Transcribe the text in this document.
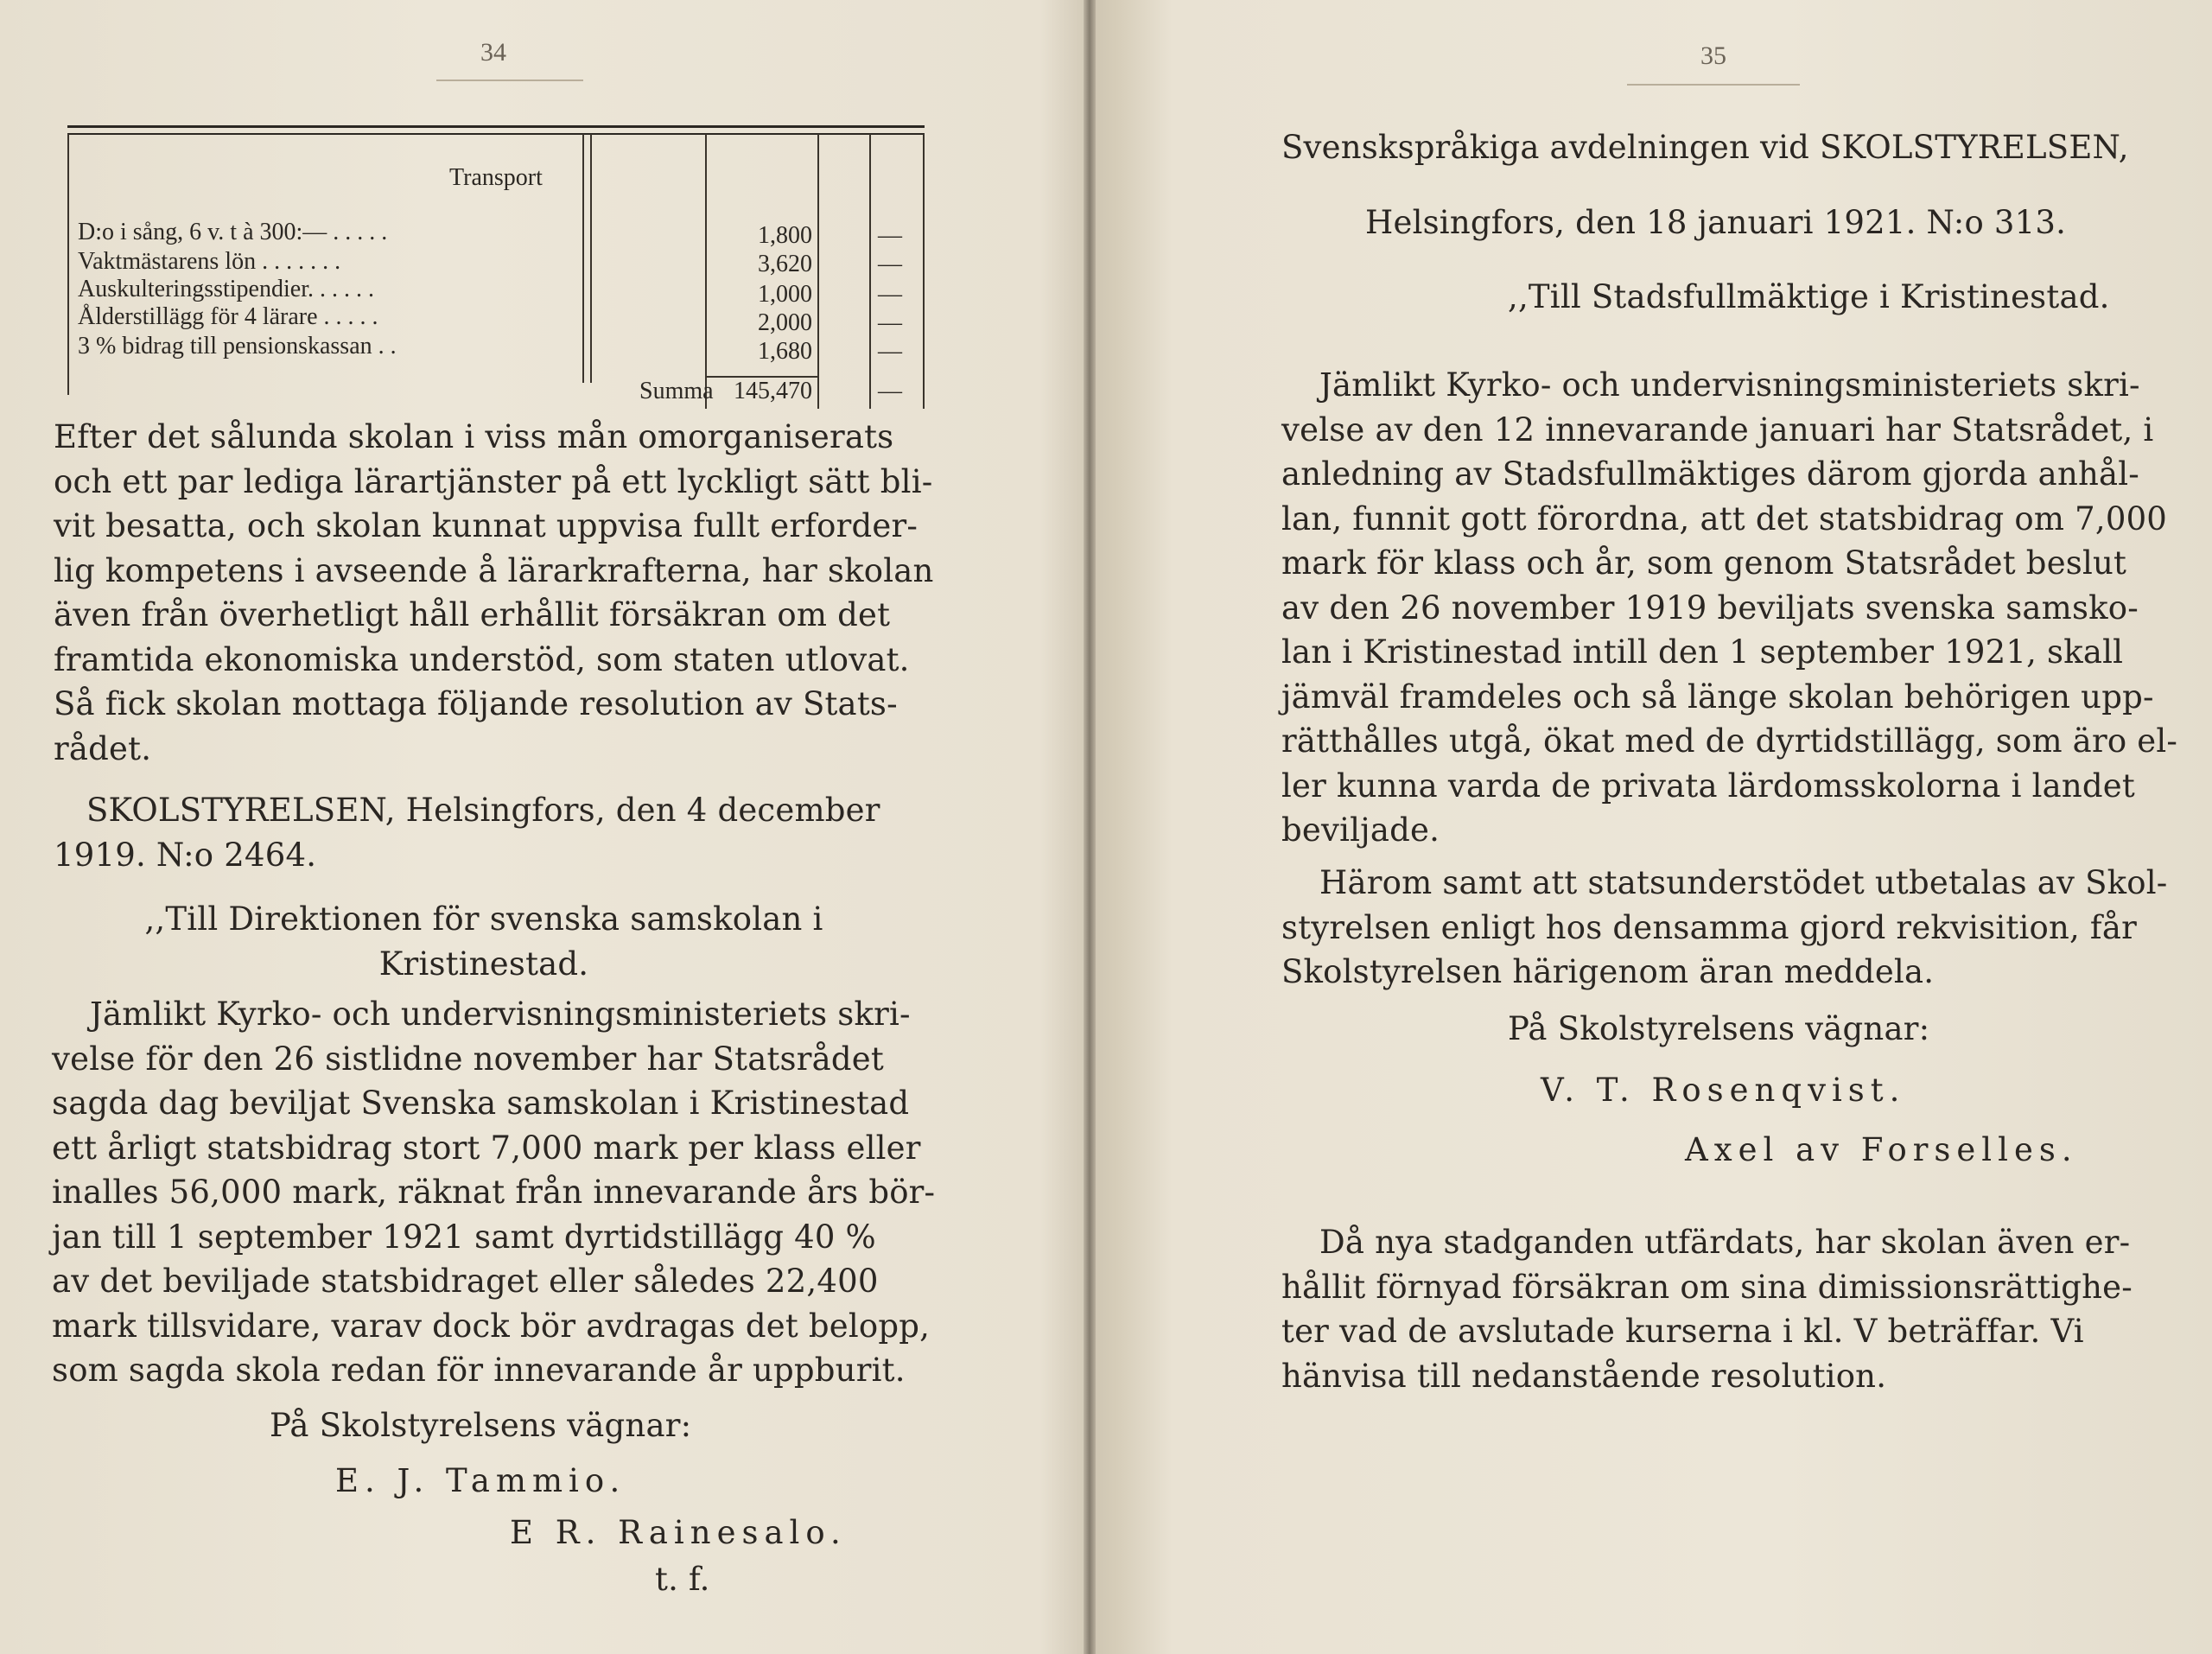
34
Transport
D:o i sång, 6 v. t à 300:— . . . . .	1,800	—
Vaktmästarens lön . . . . . . .	3,620	—
Auskulteringsstipendier. . . . . .	1,000	—
Ålderstillägg för 4 lärare . . . . .	2,000	—
3 % bidrag till pensionskassan . .	1,680	—
Summa 145,470	—
Efter det sålunda skolan i viss mån omorganiserats
och ett par lediga lärartjänster på ett lyckligt sätt bli-
vit besatta, och skolan kunnat uppvisa fullt erforder-
lig kompetens i avseende å lärarkrafterna, har skolan
även från överhetligt håll erhållit försäkran om det
framtida ekonomiska understöd, som staten utlovat.
Så fick skolan mottaga följande resolution av Stats-
rådet.
SKOLSTYRELSEN, Helsingfors, den 4 december
1919. N:o 2464.
,,Till Direktionen för svenska samskolan i
Kristinestad.
Jämlikt Kyrko- och undervisningsministeriets skri-
velse för den 26 sistlidne november har Statsrådet
sagda dag beviljat Svenska samskolan i Kristinestad
ett årligt statsbidrag stort 7,000 mark per klass eller
inalles 56,000 mark, räknat från innevarande års bör-
jan till 1 september 1921 samt dyrtidstillägg 40 %
av det beviljade statsbidraget eller således 22,400
mark tillsvidare, varav dock bör avdragas det belopp,
som sagda skola redan för innevarande år uppburit.
På Skolstyrelsens vägnar:
E. J. Tammio.
E R. Rainesalo.
t. f.
35
Svenskspråkiga avdelningen vid SKOLSTYRELSEN,
Helsingfors, den 18 januari 1921. N:o 313.
,,Till Stadsfullmäktige i Kristinestad.
Jämlikt Kyrko- och undervisningsministeriets skri-
velse av den 12 innevarande januari har Statsrådet, i
anledning av Stadsfullmäktiges därom gjorda anhål-
lan, funnit gott förordna, att det statsbidrag om 7,000
mark för klass och år, som genom Statsrådet beslut
av den 26 november 1919 beviljats svenska samsko-
lan i Kristinestad intill den 1 september 1921, skall
jämväl framdeles och så länge skolan behörigen upp-
rätthålles utgå, ökat med de dyrtidstillägg, som äro el-
ler kunna varda de privata lärdomsskolorna i landet
beviljade.
Härom samt att statsunderstödet utbetalas av Skol-
styrelsen enligt hos densamma gjord rekvisition, får
Skolstyrelsen härigenom äran meddela.
På Skolstyrelsens vägnar:
V. T. Rosenqvist.
Axel av Forselles.
Då nya stadganden utfärdats, har skolan även er-
hållit förnyad försäkran om sina dimissionsrättighe-
ter vad de avslutade kurserna i kl. V beträffar. Vi
hänvisa till nedanstående resolution.
